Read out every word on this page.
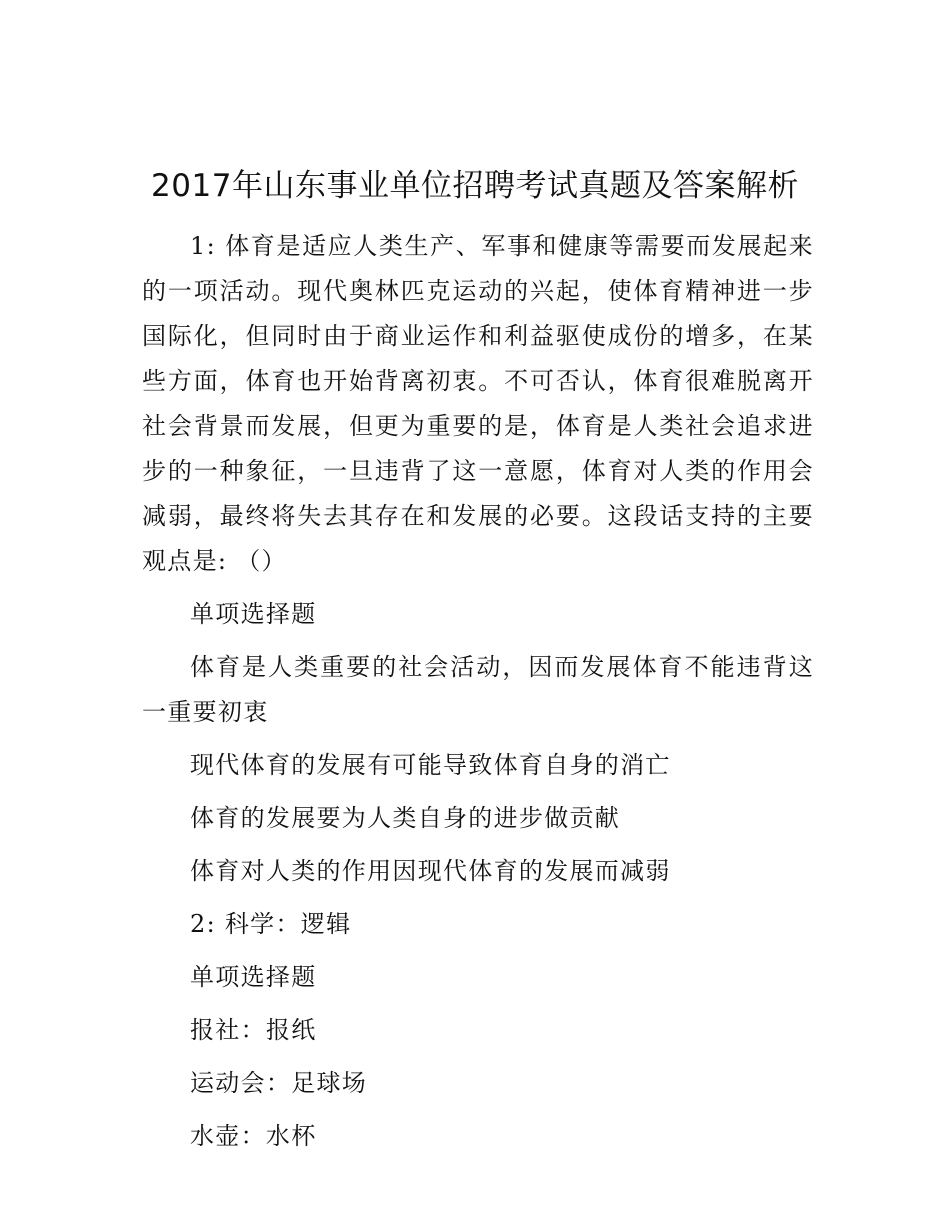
2017年山东事业单位招聘考试真题及答案解析

1: 体育是适应人类生产、军事和健康等需要而发展起来的一项活动。现代奥林匹克运动的兴起，使体育精神进一步国际化，但同时由于商业运作和利益驱使成份的增多，在某些方面，体育也开始背离初衷。不可否认，体育很难脱离开社会背景而发展，但更为重要的是，体育是人类社会追求进步的一种象征，一旦违背了这一意愿，体育对人类的作用会减弱，最终将失去其存在和发展的必要。这段话支持的主要观点是: （）

单项选择题

体育是人类重要的社会活动，因而发展体育不能违背这一重要初衷

现代体育的发展有可能导致体育自身的消亡

体育的发展要为人类自身的进步做贡献

体育对人类的作用因现代体育的发展而减弱

2: 科学：逻辑

单项选择题

报社：报纸

运动会：足球场

水壶：水杯
